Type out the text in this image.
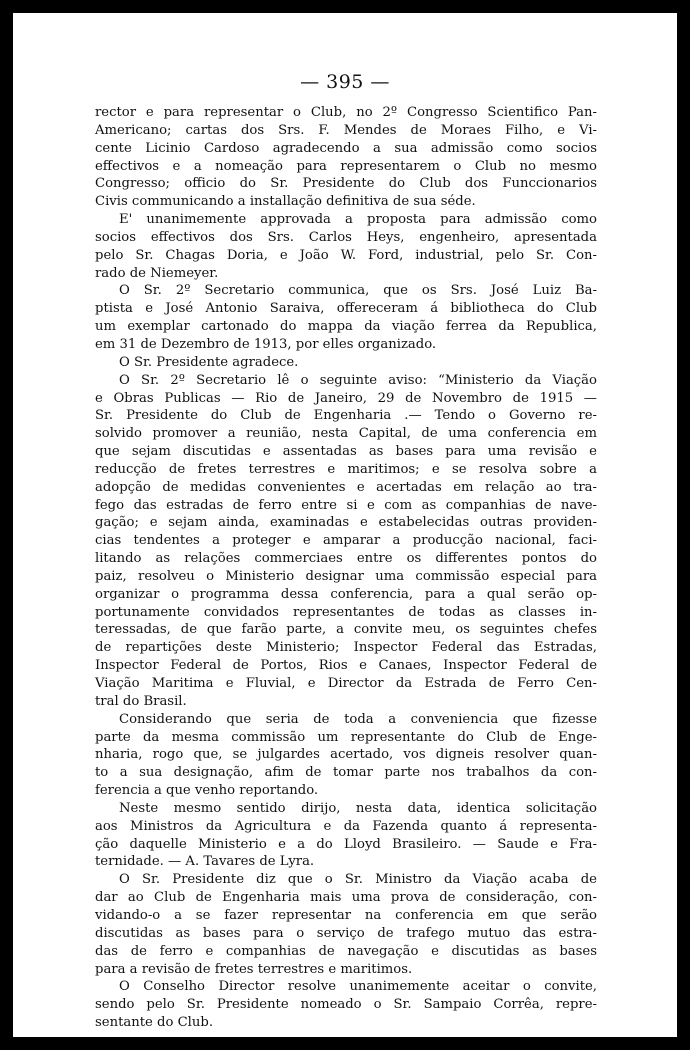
— 395 —
rector e para representar o Club, no 2º Congresso Scientifico Pan-
Americano; cartas dos Srs. F. Mendes de Moraes Filho, e Vi-
cente Licinio Cardoso agradecendo a sua admissão como socios
effectivos e a nomeação para representarem o Club no mesmo
Congresso; officio do Sr. Presidente do Club dos Funccionarios
Civis communicando a installação definitiva de sua séde.
E' unanimemente approvada a proposta para admissão como
socios effectivos dos Srs. Carlos Heys, engenheiro, apresentada
pelo Sr. Chagas Doria, e João W. Ford, industrial, pelo Sr. Con-
rado de Niemeyer.
O Sr. 2º Secretario communica, que os Srs. José Luiz Ba-
ptista e José Antonio Saraiva, offereceram á bibliotheca do Club
um exemplar cartonado do mappa da viação ferrea da Republica,
em 31 de Dezembro de 1913, por elles organizado.
O Sr. Presidente agradece.
O Sr. 2º Secretario lê o seguinte aviso: “Ministerio da Viação
e Obras Publicas — Rio de Janeiro, 29 de Novembro de 1915 —
Sr. Presidente do Club de Engenharia .— Tendo o Governo re-
solvido promover a reunião, nesta Capital, de uma conferencia em
que sejam discutidas e assentadas as bases para uma revisão e
reducção de fretes terrestres e maritimos; e se resolva sobre a
adopção de medidas convenientes e acertadas em relação ao tra-
fego das estradas de ferro entre si e com as companhias de nave-
gação; e sejam ainda, examinadas e estabelecidas outras providen-
cias tendentes a proteger e amparar a producção nacional, faci-
litando as relações commerciaes entre os differentes pontos do
paiz, resolveu o Ministerio designar uma commissão especial para
organizar o programma dessa conferencia, para a qual serão op-
portunamente convidados representantes de todas as classes in-
teressadas, de que farão parte, a convite meu, os seguintes chefes
de repartições deste Ministerio; Inspector Federal das Estradas,
Inspector Federal de Portos, Rios e Canaes, Inspector Federal de
Viação Maritima e Fluvial, e Director da Estrada de Ferro Cen-
tral do Brasil.
Considerando que seria de toda a conveniencia que fizesse
parte da mesma commissão um representante do Club de Enge-
nharia, rogo que, se julgardes acertado, vos digneis resolver quan-
to a sua designação, afim de tomar parte nos trabalhos da con-
ferencia a que venho reportando.
Neste mesmo sentido dirijo, nesta data, identica solicitação
aos Ministros da Agricultura e da Fazenda quanto á representa-
ção daquelle Ministerio e a do Lloyd Brasileiro. — Saude e Fra-
ternidade. — A. Tavares de Lyra.
O Sr. Presidente diz que o Sr. Ministro da Viação acaba de
dar ao Club de Engenharia mais uma prova de consideração, con-
vidando-o a se fazer representar na conferencia em que serão
discutidas as bases para o serviço de trafego mutuo das estra-
das de ferro e companhias de navegação e discutidas as bases
para a revisão de fretes terrestres e maritimos.
O Conselho Director resolve unanimemente aceitar o convite,
sendo pelo Sr. Presidente nomeado o Sr. Sampaio Corrêa, repre-
sentante do Club.
